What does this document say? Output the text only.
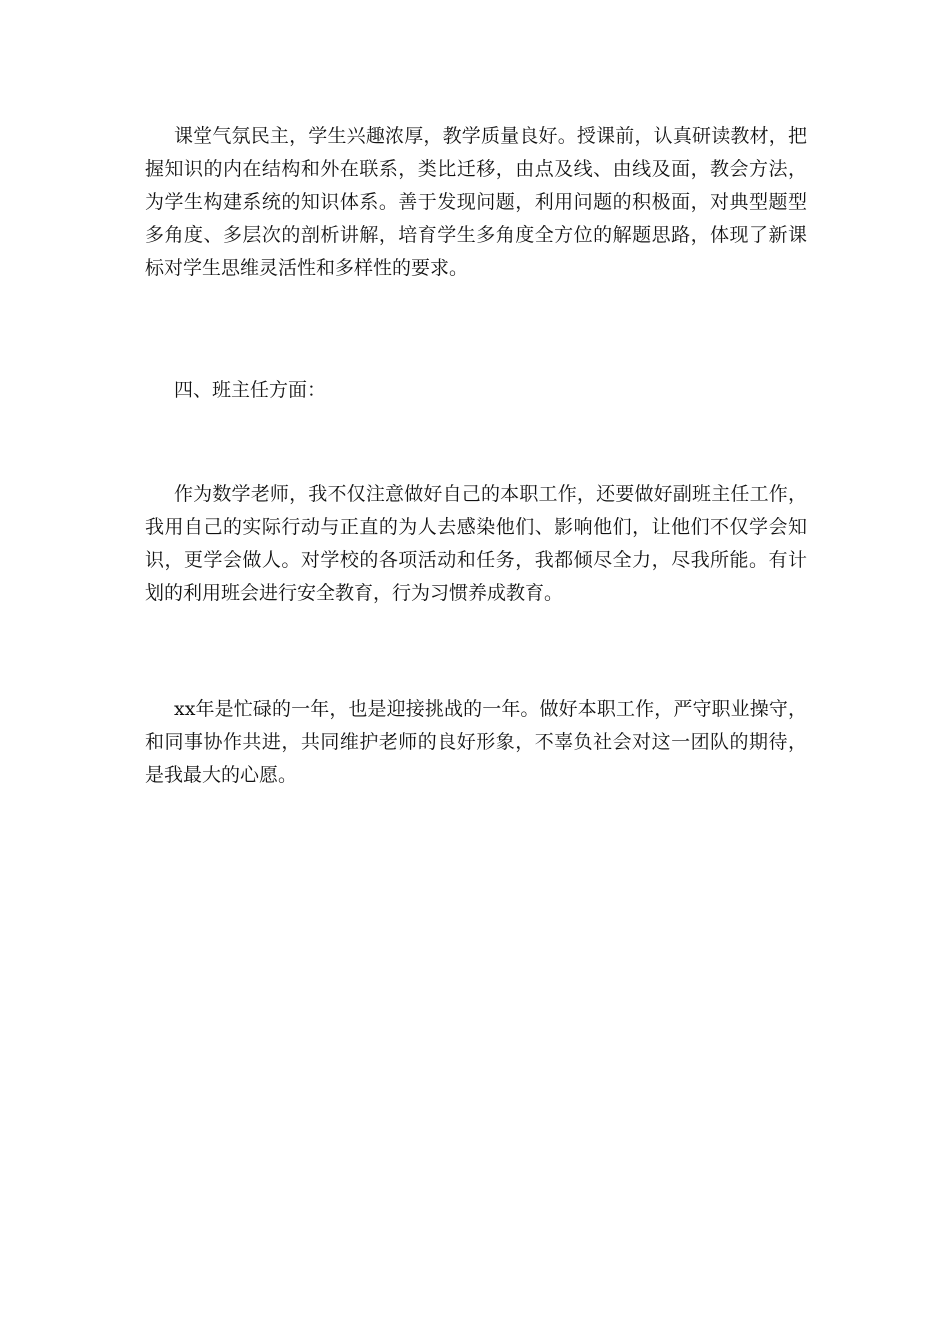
课堂气氛民主，学生兴趣浓厚，教学质量良好。授课前，认真研读教材，把握知识的内在结构和外在联系，类比迁移，由点及线、由线及面，教会方法，为学生构建系统的知识体系。善于发现问题，利用问题的积极面，对典型题型多角度、多层次的剖析讲解，培育学生多角度全方位的解题思路，体现了新课标对学生思维灵活性和多样性的要求。

四、班主任方面：

作为数学老师，我不仅注意做好自己的本职工作，还要做好副班主任工作，我用自己的实际行动与正直的为人去感染他们、影响他们，让他们不仅学会知识，更学会做人。对学校的各项活动和任务，我都倾尽全力，尽我所能。有计划的利用班会进行安全教育，行为习惯养成教育。

xx年是忙碌的一年，也是迎接挑战的一年。做好本职工作，严守职业操守，和同事协作共进，共同维护老师的良好形象，不辜负社会对这一团队的期待，是我最大的心愿。
